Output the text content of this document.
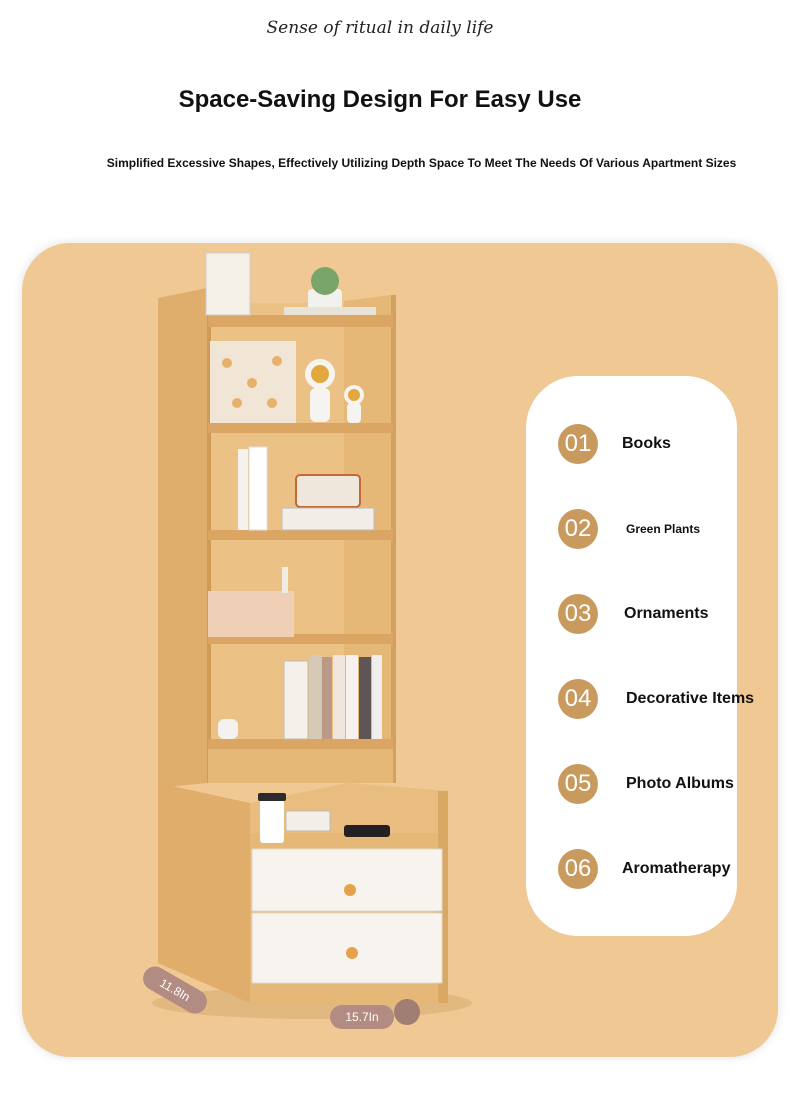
Sense of ritual in daily life
Space-Saving Design For Easy Use
Simplified Excessive Shapes, Effectively Utilizing Depth Space To Meet The Needs Of Various Apartment Sizes
01	Books
02	Green Plants
03	Ornaments
04	Decorative Items
05	Photo Albums
06	Aromatherapy
11.8In
15.7In
